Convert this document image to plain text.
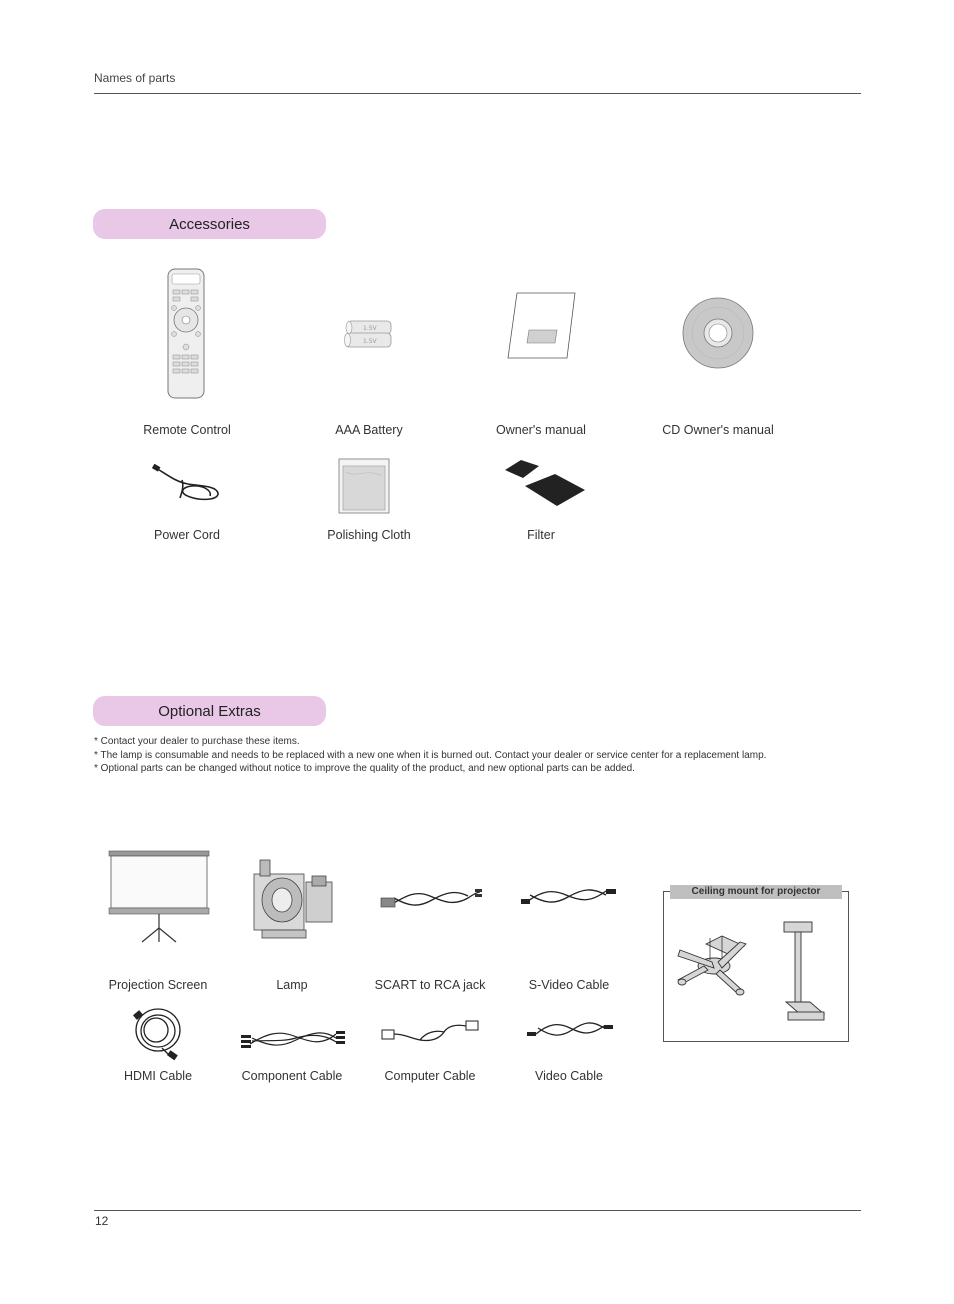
Names of parts
Accessories
Remote Control
1.5V
1.5V
AAA Battery	Owner's manual	CD Owner's manual
Power Cord	Polishing Cloth	Filter
Optional Extras

* Contact your dealer to purchase these items.

* The lamp is consumable and needs to be replaced with a new one when it is burned out. Contact your dealer or service center for a replacement lamp.

* Optional parts can be changed without notice to improve the quality of the product, and new optional parts can be added.

Projection Screen	Lamp	SCART to RCA jack	S-Video Cable
HDMI Cable	Component Cable	Computer Cable	Video Cable
Ceiling mount for projector
12
